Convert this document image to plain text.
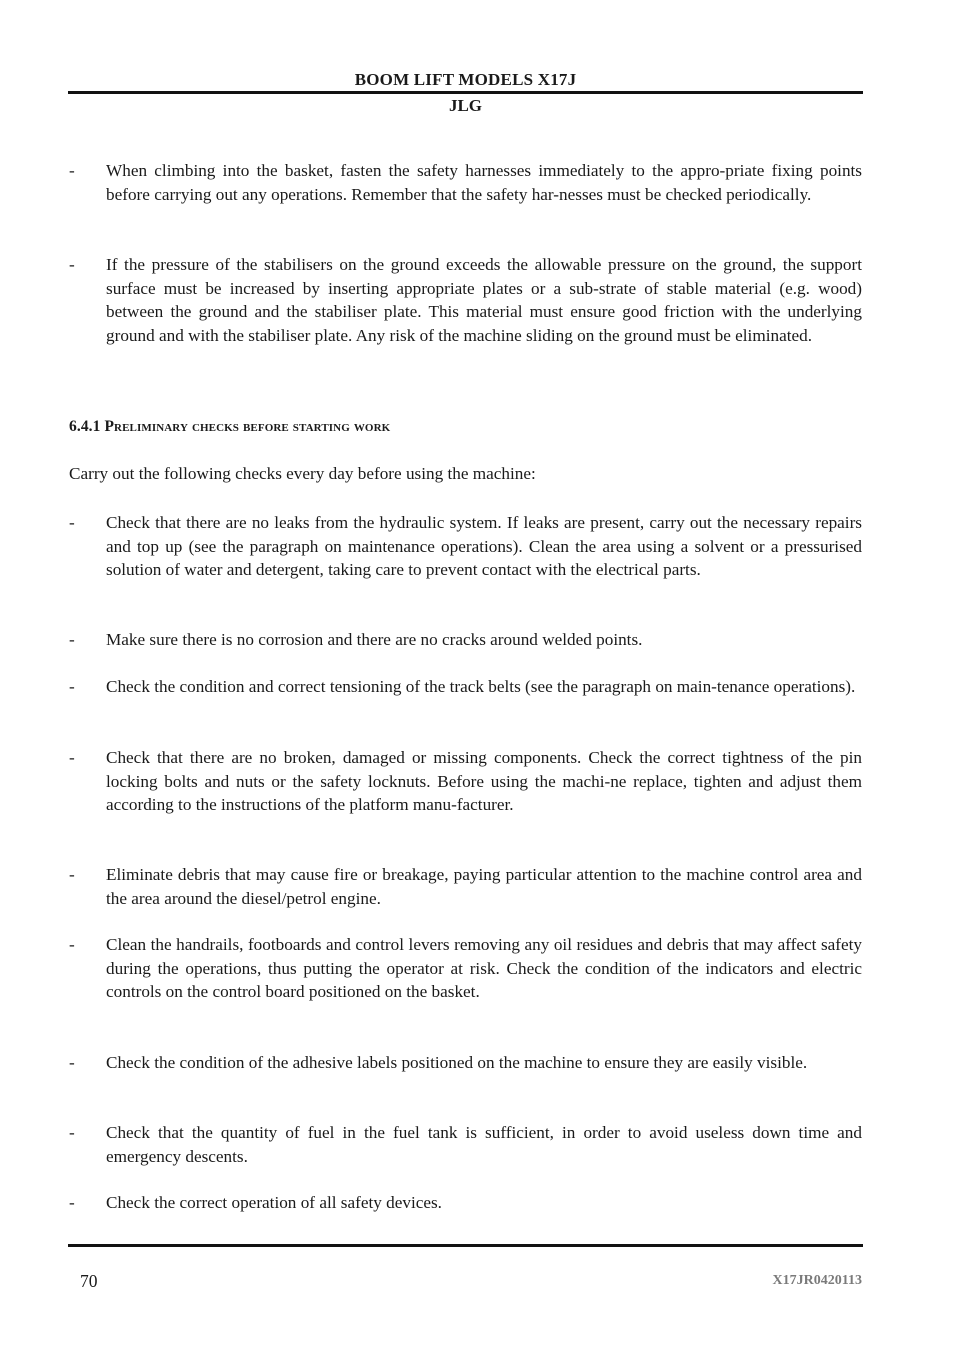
BOOM LIFT MODELS X17J
JLG
- When climbing into the basket, fasten the safety harnesses immediately to the appro-priate fixing points before carrying out any operations. Remember that the safety har-nesses must be checked periodically.
- If the pressure of the stabilisers on the ground exceeds the allowable pressure on the ground, the support surface must be increased by inserting appropriate plates or a sub-strate of stable material (e.g. wood) between the ground and the stabiliser plate. This material must ensure good friction with the underlying ground and with the stabiliser plate. Any risk of the machine sliding on the ground must be eliminated.
6.4.1 Preliminary checks before starting work
Carry out the following checks every day before using the machine:
- Check that there are no leaks from the hydraulic system. If leaks are present, carry out the necessary repairs and top up (see the paragraph on maintenance operations). Clean the area using a solvent or a pressurised solution of water and detergent, taking care to prevent contact with the electrical parts.
- Make sure there is no corrosion and there are no cracks around welded points.
- Check the condition and correct tensioning of the track belts (see the paragraph on main-tenance operations).
- Check that there are no broken, damaged or missing components. Check the correct tightness of the pin locking bolts and nuts or the safety locknuts. Before using the machi-ne replace, tighten and adjust them according to the instructions of the platform manu-facturer.
- Eliminate debris that may cause fire or breakage, paying particular attention to the machine control area and the area around the diesel/petrol engine.
- Clean the handrails, footboards and control levers removing any oil residues and debris that may affect safety during the operations, thus putting the operator at risk. Check the condition of the indicators and electric controls on the control board positioned on the basket.
- Check the condition of the adhesive labels positioned on the machine to ensure they are easily visible.
- Check that the quantity of fuel in the fuel tank is sufficient, in order to avoid useless down time and emergency descents.
- Check the correct operation of all safety devices.
70	X17JR0420113
